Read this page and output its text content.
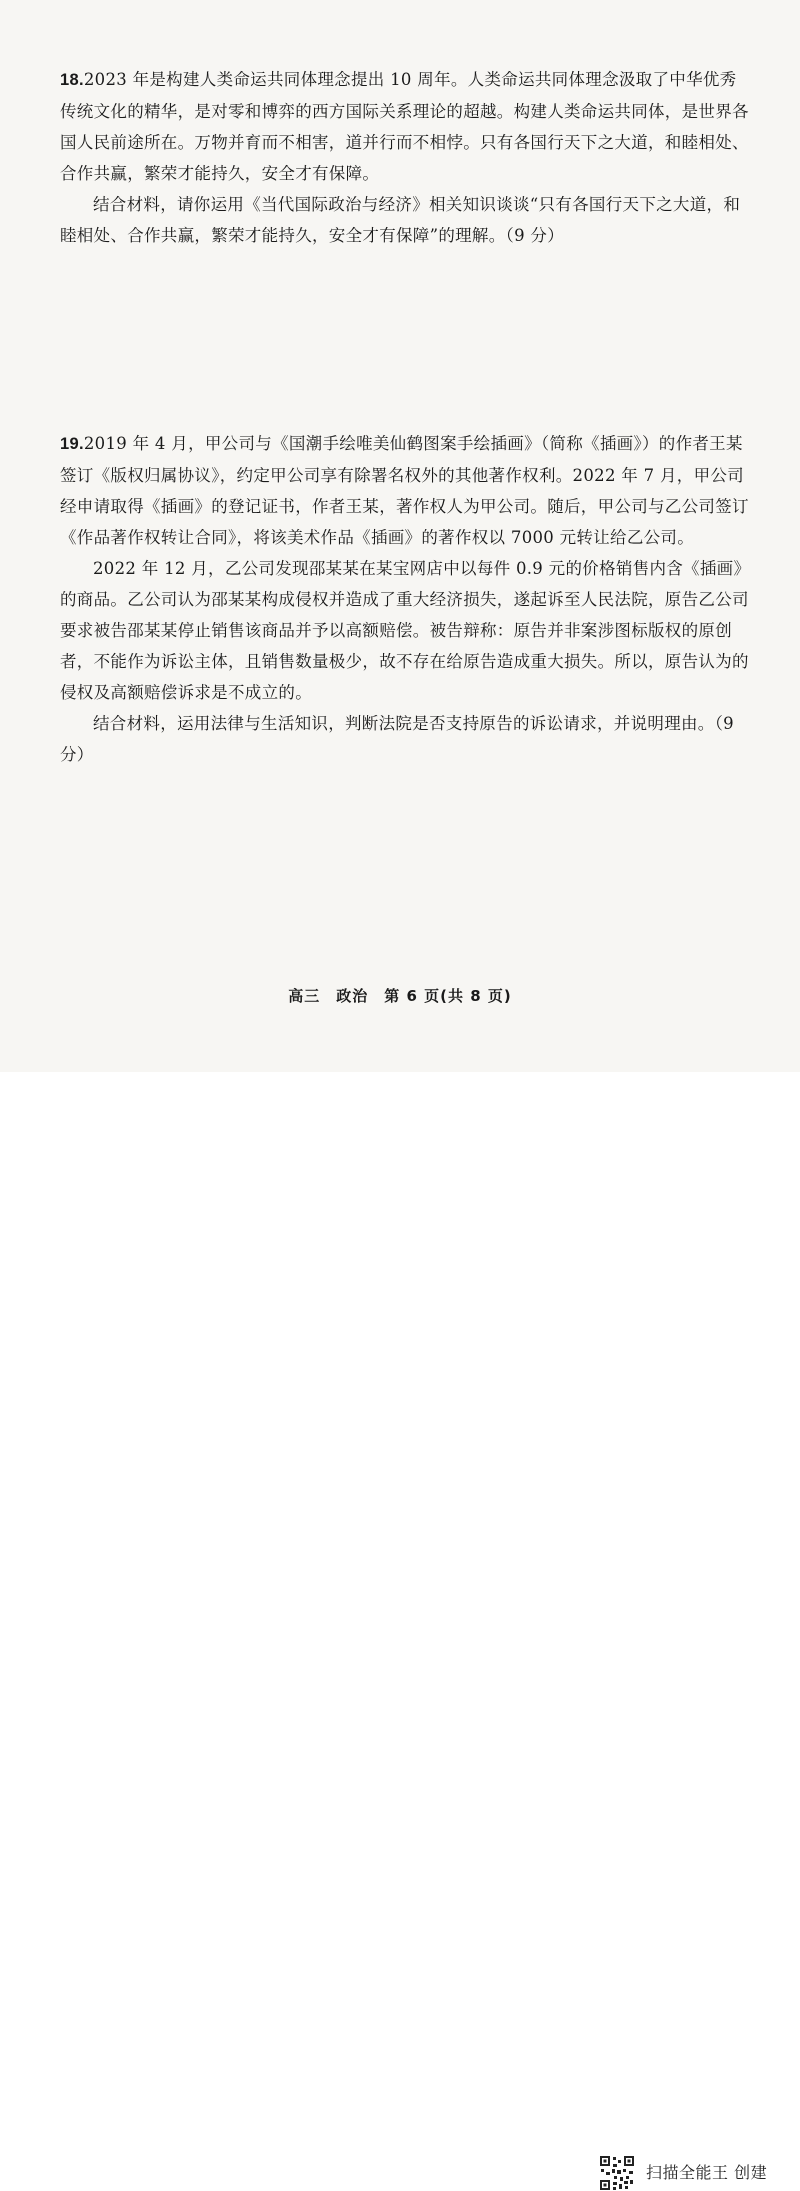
18.2023 年是构建人类命运共同体理念提出 10 周年。人类命运共同体理念汲取了中华优秀传统文化的精华，是对零和博弈的西方国际关系理论的超越。构建人类命运共同体，是世界各国人民前途所在。万物并育而不相害，道并行而不相悖。只有各国行天下之大道，和睦相处、合作共赢，繁荣才能持久，安全才有保障。

结合材料，请你运用《当代国际政治与经济》相关知识谈谈“只有各国行天下之大道，和睦相处、合作共赢，繁荣才能持久，安全才有保障”的理解。（9 分）

19.2019 年 4 月，甲公司与《国潮手绘唯美仙鹤图案手绘插画》（简称《插画》）的作者王某签订《版权归属协议》，约定甲公司享有除署名权外的其他著作权利。2022 年 7 月，甲公司经申请取得《插画》的登记证书，作者王某，著作权人为甲公司。随后，甲公司与乙公司签订《作品著作权转让合同》，将该美术作品《插画》的著作权以 7000 元转让给乙公司。

2022 年 12 月，乙公司发现邵某某在某宝网店中以每件 0.9 元的价格销售内含《插画》的商品。乙公司认为邵某某构成侵权并造成了重大经济损失，遂起诉至人民法院，原告乙公司要求被告邵某某停止销售该商品并予以高额赔偿。被告辩称：原告并非案涉图标版权的原创者，不能作为诉讼主体，且销售数量极少，故不存在给原告造成重大损失。所以，原告认为的侵权及高额赔偿诉求是不成立的。

结合材料，运用法律与生活知识，判断法院是否支持原告的诉讼请求，并说明理由。（9 分）

高三　政治　第 6 页(共 8 页)
扫描全能王 创建
